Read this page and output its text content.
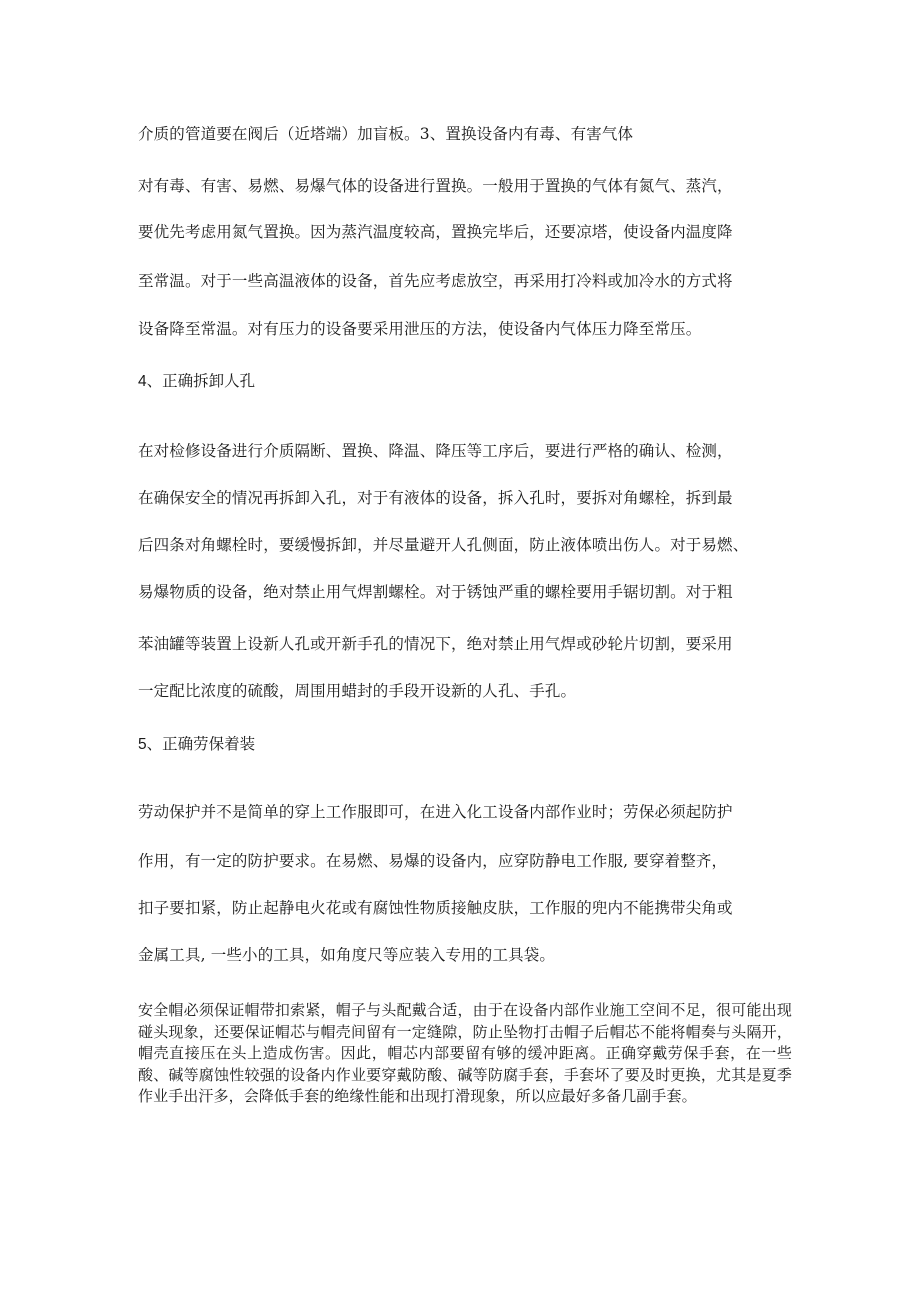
介质的管道要在阀后（近塔端）加盲板。3、置换设备内有毒、有害气体
对有毒、有害、易燃、易爆气体的设备进行置换。一般用于置换的气体有氮气、蒸汽，
要优先考虑用氮气置换。因为蒸汽温度较高，置换完毕后，还要凉塔，使设备内温度降
至常温。对于一些高温液体的设备，首先应考虑放空，再采用打冷料或加冷水的方式将
设备降至常温。对有压力的设备要采用泄压的方法，使设备内气体压力降至常压。
4、正确拆卸人孔
在对检修设备进行介质隔断、置换、降温、降压等工序后，要进行严格的确认、检测，
在确保安全的情况再拆卸入孔，对于有液体的设备，拆入孔时，要拆对角螺栓，拆到最
后四条对角螺栓时，要缓慢拆卸，并尽量避开人孔侧面，防止液体喷出伤人。对于易燃、
易爆物质的设备，绝对禁止用气焊割螺栓。对于锈蚀严重的螺栓要用手锯切割。对于粗
苯油罐等装置上设新人孔或开新手孔的情况下，绝对禁止用气焊或砂轮片切割，要采用
一定配比浓度的硫酸，周围用蜡封的手段开设新的人孔、手孔。
5、正确劳保着装
劳动保护并不是简单的穿上工作服即可，在进入化工设备内部作业时；劳保必须起防护
作用，有一定的防护要求。在易燃、易爆的设备内，应穿防静电工作服, 要穿着整齐，
扣子要扣紧，防止起静电火花或有腐蚀性物质接触皮肤，工作服的兜内不能携带尖角或
金属工具, 一些小的工具，如角度尺等应装入专用的工具袋。
安全帽必须保证帽带扣索紧，帽子与头配戴合适，由于在设备内部作业施工空间不足，很可能出现碰头现象，还要保证帽芯与帽壳间留有一定缝隙，防止坠物打击帽子后帽芯不能将帽奏与头隔开，帽壳直接压在头上造成伤害。因此，帽芯内部要留有够的缓冲距离。正确穿戴劳保手套，在一些酸、碱等腐蚀性较强的设备内作业要穿戴防酸、碱等防腐手套，手套坏了要及时更换，尤其是夏季作业手出汗多，会降低手套的绝缘性能和出现打滑现象，所以应最好多备几副手套。
